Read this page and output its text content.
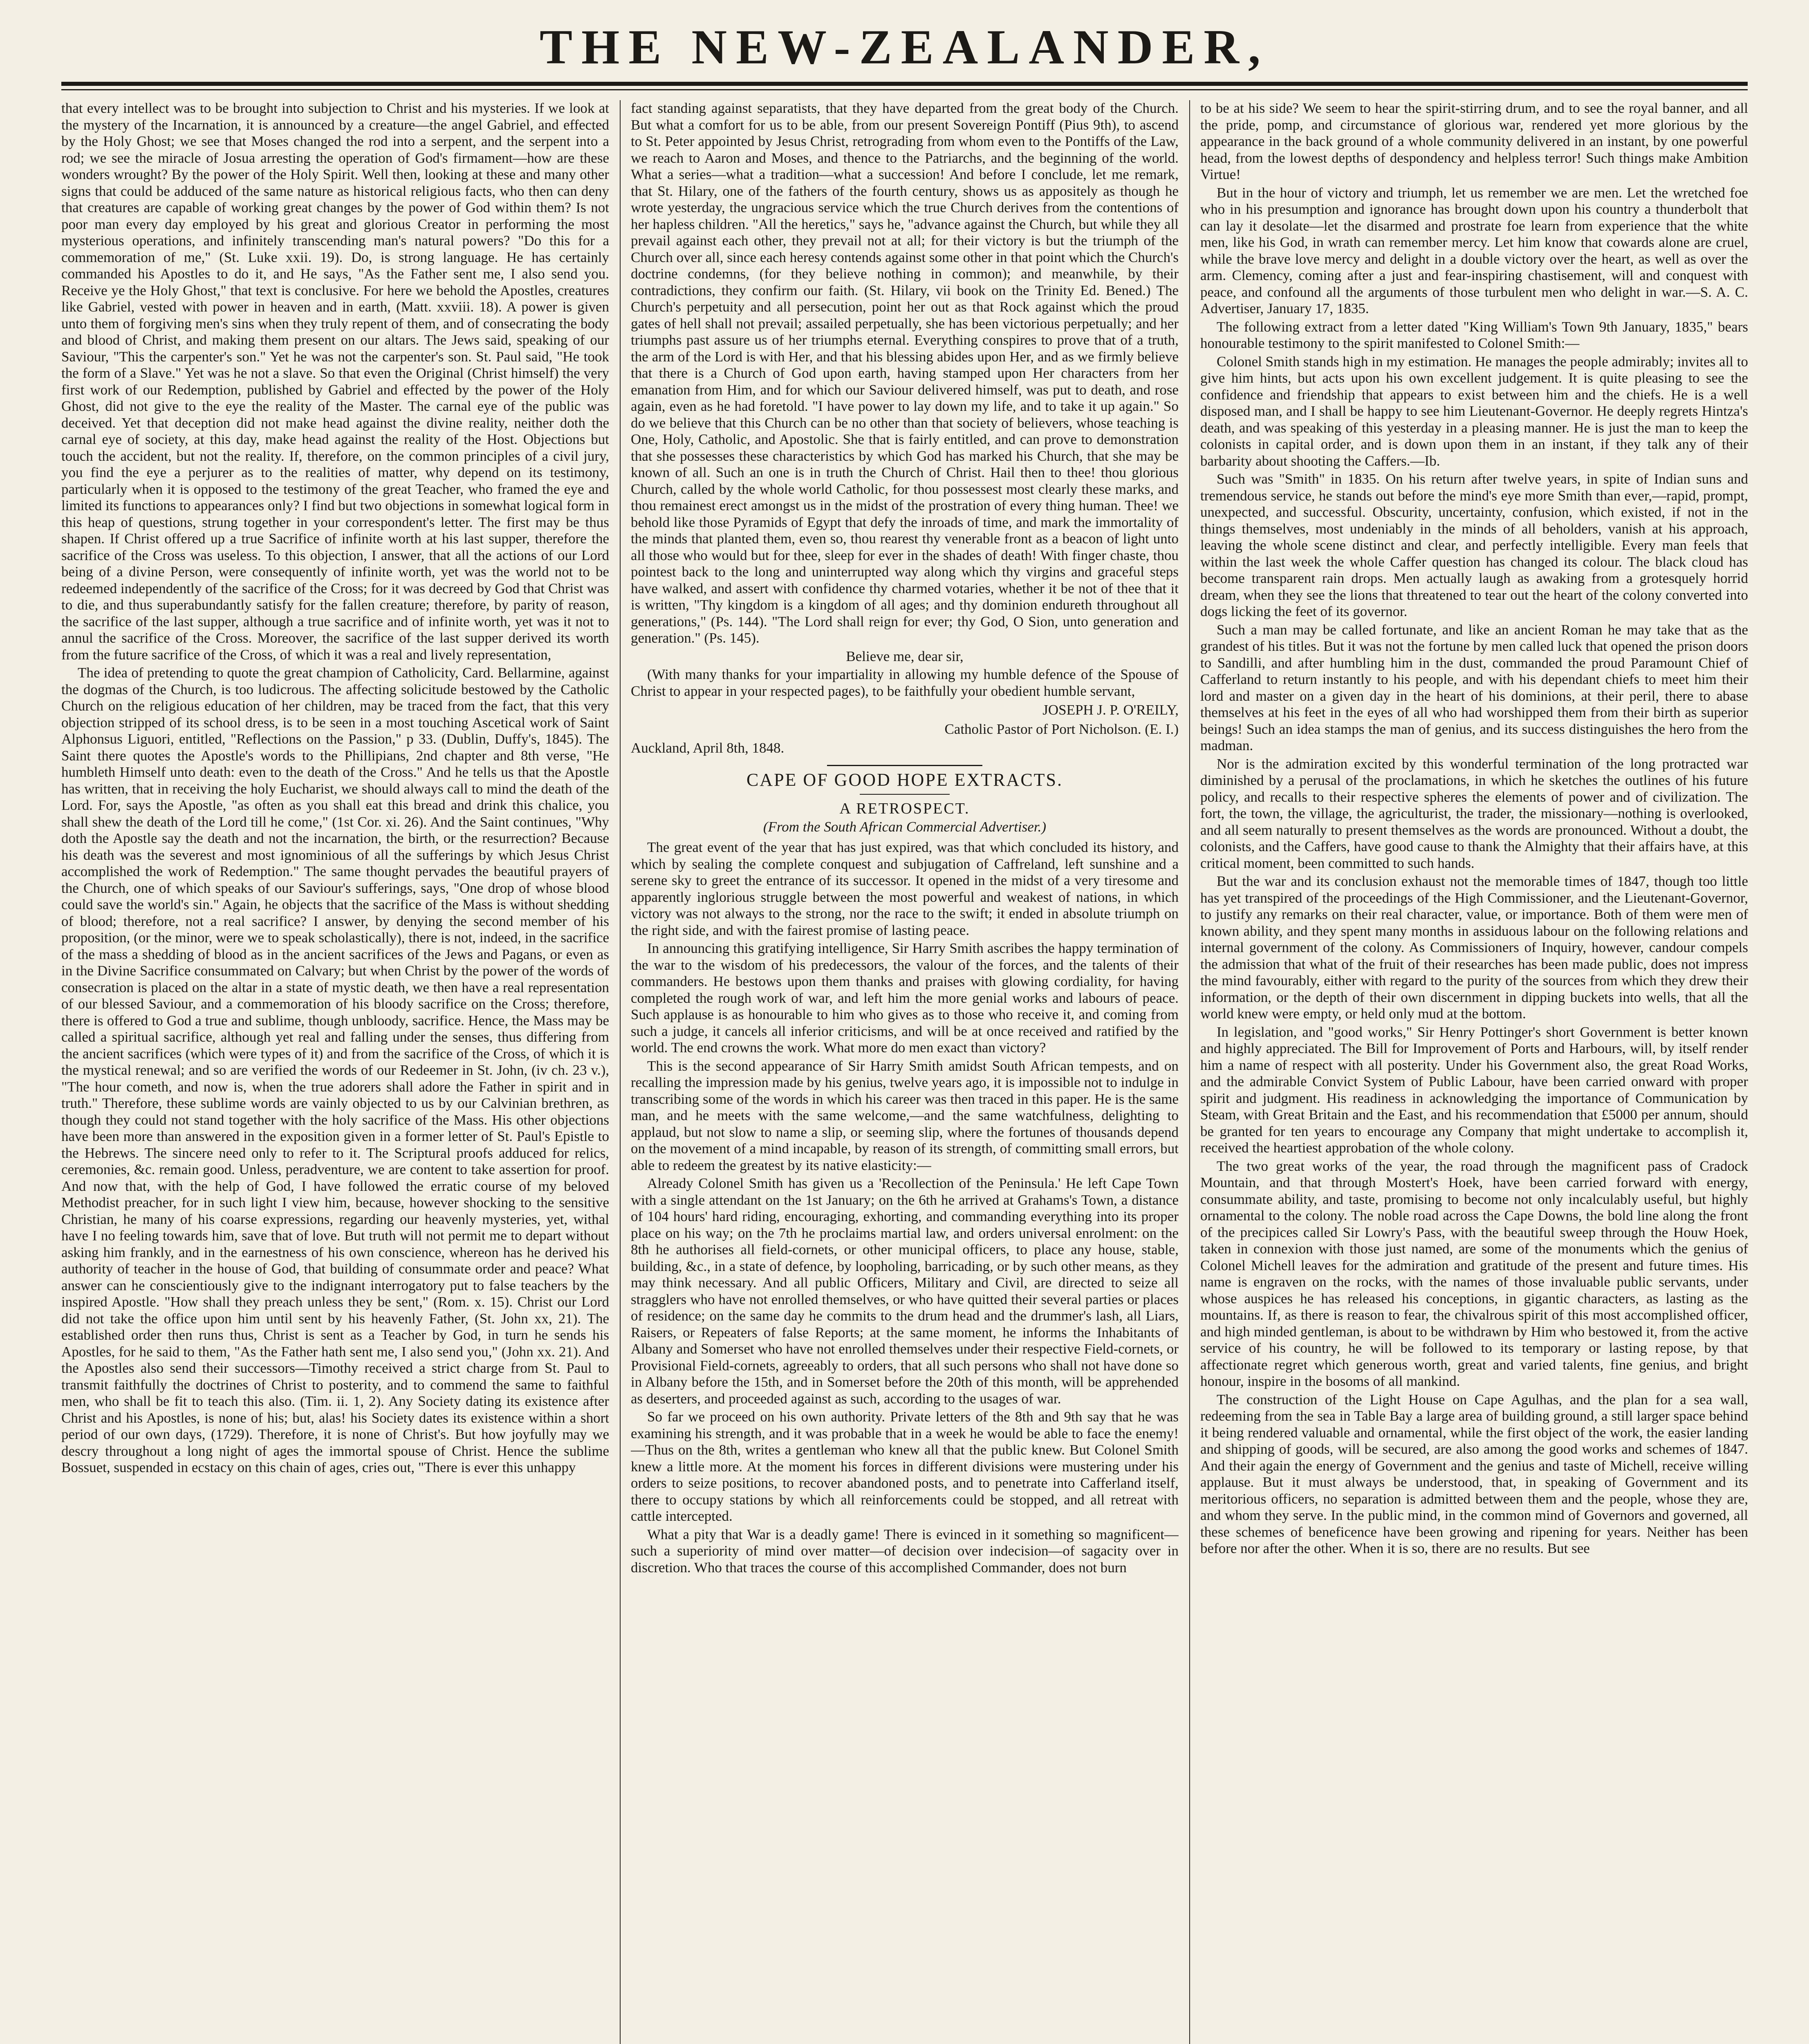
THE NEW-ZEALANDER,

that every intellect was to be brought into subjection to Christ and his mysteries. If we look at the mystery of the Incarnation, it is announced by a creature—the angel Gabriel, and effected by the Holy Ghost; we see that Moses changed the rod into a serpent, and the serpent into a rod; we see the miracle of Josua arresting the operation of God's firmament—how are these wonders wrought? By the power of the Holy Spirit. Well then, looking at these and many other signs that could be adduced of the same nature as historical religious facts, who then can deny that creatures are capable of working great changes by the power of God within them? Is not poor man every day employed by his great and glorious Creator in performing the most mysterious operations, and infinitely transcending man's natural powers? "Do this for a commemoration of me," (St. Luke xxii. 19). Do, is strong language. He has certainly commanded his Apostles to do it, and He says, "As the Father sent me, I also send you. Receive ye the Holy Ghost," that text is conclusive. For here we behold the Apostles, creatures like Gabriel, vested with power in heaven and in earth, (Matt. xxviii. 18). A power is given unto them of forgiving men's sins when they truly repent of them, and of consecrating the body and blood of Christ, and making them present on our altars. The Jews said, speaking of our Saviour, "This the carpenter's son." Yet he was not the carpenter's son. St. Paul said, "He took the form of a Slave." Yet was he not a slave. So that even the Original (Christ himself) the very first work of our Redemption, published by Gabriel and effected by the power of the Holy Ghost, did not give to the eye the reality of the Master. The carnal eye of the public was deceived. Yet that deception did not make head against the divine reality, neither doth the carnal eye of society, at this day, make head against the reality of the Host. Objections but touch the accident, but not the reality. If, therefore, on the common principles of a civil jury, you find the eye a perjurer as to the realities of matter, why depend on its testimony, particularly when it is opposed to the testimony of the great Teacher, who framed the eye and limited its functions to appearances only? I find but two objections in somewhat logical form in this heap of questions, strung together in your correspondent's letter. The first may be thus shapen. If Christ offered up a true Sacrifice of infinite worth at his last supper, therefore the sacrifice of the Cross was useless. To this objection, I answer, that all the actions of our Lord being of a divine Person, were consequently of infinite worth, yet was the world not to be redeemed independently of the sacrifice of the Cross; for it was decreed by God that Christ was to die, and thus superabundantly satisfy for the fallen creature; therefore, by parity of reason, the sacrifice of the last supper, although a true sacrifice and of infinite worth, yet was it not to annul the sacrifice of the Cross. Moreover, the sacrifice of the last supper derived its worth from the future sacrifice of the Cross, of which it was a real and lively representation,

The idea of pretending to quote the great champion of Catholicity, Card. Bellarmine, against the dogmas of the Church, is too ludicrous. The affecting solicitude bestowed by the Catholic Church on the religious education of her children, may be traced from the fact, that this very objection stripped of its school dress, is to be seen in a most touching Ascetical work of Saint Alphonsus Liguori, entitled, "Reflections on the Passion," p 33. (Dublin, Duffy's, 1845). The Saint there quotes the Apostle's words to the Phillipians, 2nd chapter and 8th verse, "He humbleth Himself unto death: even to the death of the Cross." And he tells us that the Apostle has written, that in receiving the holy Eucharist, we should always call to mind the death of the Lord. For, says the Apostle, "as often as you shall eat this bread and drink this chalice, you shall shew the death of the Lord till he come," (1st Cor. xi. 26). And the Saint continues, "Why doth the Apostle say the death and not the incarnation, the birth, or the resurrection? Because his death was the severest and most ignominious of all the sufferings by which Jesus Christ accomplished the work of Redemption." The same thought pervades the beautiful prayers of the Church, one of which speaks of our Saviour's sufferings, says, "One drop of whose blood could save the world's sin." Again, he objects that the sacrifice of the Mass is without shedding of blood; therefore, not a real sacrifice? I answer, by denying the second member of his proposition, (or the minor, were we to speak scholastically), there is not, indeed, in the sacrifice of the mass a shedding of blood as in the ancient sacrifices of the Jews and Pagans, or even as in the Divine Sacrifice consummated on Calvary; but when Christ by the power of the words of consecration is placed on the altar in a state of mystic death, we then have a real representation of our blessed Saviour, and a commemoration of his bloody sacrifice on the Cross; therefore, there is offered to God a true and sublime, though unbloody, sacrifice. Hence, the Mass may be called a spiritual sacrifice, although yet real and falling under the senses, thus differing from the ancient sacrifices (which were types of it) and from the sacrifice of the Cross, of which it is the mystical renewal; and so are verified the words of our Redeemer in St. John, (iv ch. 23 v.), "The hour cometh, and now is, when the true adorers shall adore the Father in spirit and in truth." Therefore, these sublime words are vainly objected to us by our Calvinian brethren, as though they could not stand together with the holy sacrifice of the Mass. His other objections have been more than answered in the exposition given in a former letter of St. Paul's Epistle to the Hebrews. The sincere need only to refer to it. The Scriptural proofs adduced for relics, ceremonies, &c. remain good. Unless, peradventure, we are content to take assertion for proof. And now that, with the help of God, I have followed the erratic course of my beloved Methodist preacher, for in such light I view him, because, however shocking to the sensitive Christian, he many of his coarse expressions, regarding our heavenly mysteries, yet, withal have I no feeling towards him, save that of love. But truth will not permit me to depart without asking him frankly, and in the earnestness of his own conscience, whereon has he derived his authority of teacher in the house of God, that building of consummate order and peace? What answer can he conscientiously give to the indignant interrogatory put to false teachers by the inspired Apostle. "How shall they preach unless they be sent," (Rom. x. 15). Christ our Lord did not take the office upon him until sent by his heavenly Father, (St. John xx, 21). The established order then runs thus, Christ is sent as a Teacher by God, in turn he sends his Apostles, for he said to them, "As the Father hath sent me, I also send you," (John xx. 21). And the Apostles also send their successors—Timothy received a strict charge from St. Paul to transmit faithfully the doctrines of Christ to posterity, and to commend the same to faithful men, who shall be fit to teach this also. (Tim. ii. 1, 2). Any Society dating its existence after Christ and his Apostles, is none of his; but, alas! his Society dates its existence within a short period of our own days, (1729). Therefore, it is none of Christ's. But how joyfully may we descry throughout a long night of ages the immortal spouse of Christ. Hence the sublime Bossuet, suspended in ecstacy on this chain of ages, cries out, "There is ever this unhappy

fact standing against separatists, that they have departed from the great body of the Church. But what a comfort for us to be able, from our present Sovereign Pontiff (Pius 9th), to ascend to St. Peter appointed by Jesus Christ, retrograding from whom even to the Pontiffs of the Law, we reach to Aaron and Moses, and thence to the Patriarchs, and the beginning of the world. What a series—what a tradition—what a succession! And before I conclude, let me remark, that St. Hilary, one of the fathers of the fourth century, shows us as appositely as though he wrote yesterday, the ungracious service which the true Church derives from the contentions of her hapless children. "All the heretics," says he, "advance against the Church, but while they all prevail against each other, they prevail not at all; for their victory is but the triumph of the Church over all, since each heresy contends against some other in that point which the Church's doctrine condemns, (for they believe nothing in common); and meanwhile, by their contradictions, they confirm our faith. (St. Hilary, vii book on the Trinity Ed. Bened.) The Church's perpetuity and all persecution, point her out as that Rock against which the proud gates of hell shall not prevail; assailed perpetually, she has been victorious perpetually; and her triumphs past assure us of her triumphs eternal. Everything conspires to prove that of a truth, the arm of the Lord is with Her, and that his blessing abides upon Her, and as we firmly believe that there is a Church of God upon earth, having stamped upon Her characters from her emanation from Him, and for which our Saviour delivered himself, was put to death, and rose again, even as he had foretold. "I have power to lay down my life, and to take it up again." So do we believe that this Church can be no other than that society of believers, whose teaching is One, Holy, Catholic, and Apostolic. She that is fairly entitled, and can prove to demonstration that she possesses these characteristics by which God has marked his Church, that she may be known of all. Such an one is in truth the Church of Christ. Hail then to thee! thou glorious Church, called by the whole world Catholic, for thou possessest most clearly these marks, and thou remainest erect amongst us in the midst of the prostration of every thing human. Thee! we behold like those Pyramids of Egypt that defy the inroads of time, and mark the immortality of the minds that planted them, even so, thou rearest thy venerable front as a beacon of light unto all those who would but for thee, sleep for ever in the shades of death! With finger chaste, thou pointest back to the long and uninterrupted way along which thy virgins and graceful steps have walked, and assert with confidence thy charmed votaries, whether it be not of thee that it is written, "Thy kingdom is a kingdom of all ages; and thy dominion endureth throughout all generations," (Ps. 144). "The Lord shall reign for ever; thy God, O Sion, unto generation and generation." (Ps. 145).

Believe me, dear sir,

(With many thanks for your impartiality in allowing my humble defence of the Spouse of Christ to appear in your respected pages), to be faithfully your obedient humble servant,

JOSEPH J. P. O'REILY,

Catholic Pastor of Port Nicholson. (E. I.)

Auckland, April 8th, 1848.

CAPE OF GOOD HOPE EXTRACTS.

A RETROSPECT.

(From the South African Commercial Advertiser.)

The great event of the year that has just expired, was that which concluded its history, and which by sealing the complete conquest and subjugation of Caffreland, left sunshine and a serene sky to greet the entrance of its successor. It opened in the midst of a very tiresome and apparently inglorious struggle between the most powerful and weakest of nations, in which victory was not always to the strong, nor the race to the swift; it ended in absolute triumph on the right side, and with the fairest promise of lasting peace.

In announcing this gratifying intelligence, Sir Harry Smith ascribes the happy termination of the war to the wisdom of his predecessors, the valour of the forces, and the talents of their commanders. He bestows upon them thanks and praises with glowing cordiality, for having completed the rough work of war, and left him the more genial works and labours of peace. Such applause is as honourable to him who gives as to those who receive it, and coming from such a judge, it cancels all inferior criticisms, and will be at once received and ratified by the world. The end crowns the work. What more do men exact than victory?

This is the second appearance of Sir Harry Smith amidst South African tempests, and on recalling the impression made by his genius, twelve years ago, it is impossible not to indulge in transcribing some of the words in which his career was then traced in this paper. He is the same man, and he meets with the same welcome,—and the same watchfulness, delighting to applaud, but not slow to name a slip, or seeming slip, where the fortunes of thousands depend on the movement of a mind incapable, by reason of its strength, of committing small errors, but able to redeem the greatest by its native elasticity:—

Already Colonel Smith has given us a 'Recollection of the Peninsula.' He left Cape Town with a single attendant on the 1st January; on the 6th he arrived at Grahams's Town, a distance of 104 hours' hard riding, encouraging, exhorting, and commanding everything into its proper place on his way; on the 7th he proclaims martial law, and orders universal enrolment: on the 8th he authorises all field-cornets, or other municipal officers, to place any house, stable, building, &c., in a state of defence, by loopholing, barricading, or by such other means, as they may think necessary. And all public Officers, Military and Civil, are directed to seize all stragglers who have not enrolled themselves, or who have quitted their several parties or places of residence; on the same day he commits to the drum head and the drummer's lash, all Liars, Raisers, or Repeaters of false Reports; at the same moment, he informs the Inhabitants of Albany and Somerset who have not enrolled themselves under their respective Field-cornets, or Provisional Field-cornets, agreeably to orders, that all such persons who shall not have done so in Albany before the 15th, and in Somerset before the 20th of this month, will be apprehended as deserters, and proceeded against as such, according to the usages of war.

So far we proceed on his own authority. Private letters of the 8th and 9th say that he was examining his strength, and it was probable that in a week he would be able to face the enemy!—Thus on the 8th, writes a gentleman who knew all that the public knew. But Colonel Smith knew a little more. At the moment his forces in different divisions were mustering under his orders to seize positions, to recover abandoned posts, and to penetrate into Cafferland itself, there to occupy stations by which all reinforcements could be stopped, and all retreat with cattle intercepted.

What a pity that War is a deadly game! There is evinced in it something so magnificent—such a superiority of mind over matter—of decision over indecision—of sagacity over in discretion. Who that traces the course of this accomplished Commander, does not burn

to be at his side? We seem to hear the spirit-stirring drum, and to see the royal banner, and all the pride, pomp, and circumstance of glorious war, rendered yet more glorious by the appearance in the back ground of a whole community delivered in an instant, by one powerful head, from the lowest depths of despondency and helpless terror! Such things make Ambition Virtue!

But in the hour of victory and triumph, let us remember we are men. Let the wretched foe who in his presumption and ignorance has brought down upon his country a thunderbolt that can lay it desolate—let the disarmed and prostrate foe learn from experience that the white men, like his God, in wrath can remember mercy. Let him know that cowards alone are cruel, while the brave love mercy and delight in a double victory over the heart, as well as over the arm. Clemency, coming after a just and fear-inspiring chastisement, will and conquest with peace, and confound all the arguments of those turbulent men who delight in war.—S. A. C. Advertiser, January 17, 1835.

The following extract from a letter dated "King William's Town 9th January, 1835," bears honourable testimony to the spirit manifested to Colonel Smith:—

Colonel Smith stands high in my estimation. He manages the people admirably; invites all to give him hints, but acts upon his own excellent judgement. It is quite pleasing to see the confidence and friendship that appears to exist between him and the chiefs. He is a well disposed man, and I shall be happy to see him Lieutenant-Governor. He deeply regrets Hintza's death, and was speaking of this yesterday in a pleasing manner. He is just the man to keep the colonists in capital order, and is down upon them in an instant, if they talk any of their barbarity about shooting the Caffers.—Ib.

Such was "Smith" in 1835. On his return after twelve years, in spite of Indian suns and tremendous service, he stands out before the mind's eye more Smith than ever,—rapid, prompt, unexpected, and successful. Obscurity, uncertainty, confusion, which existed, if not in the things themselves, most undeniably in the minds of all beholders, vanish at his approach, leaving the whole scene distinct and clear, and perfectly intelligible. Every man feels that within the last week the whole Caffer question has changed its colour. The black cloud has become transparent rain drops. Men actually laugh as awaking from a grotesquely horrid dream, when they see the lions that threatened to tear out the heart of the colony converted into dogs licking the feet of its governor.

Such a man may be called fortunate, and like an ancient Roman he may take that as the grandest of his titles. But it was not the fortune by men called luck that opened the prison doors to Sandilli, and after humbling him in the dust, commanded the proud Paramount Chief of Cafferland to return instantly to his people, and with his dependant chiefs to meet him their lord and master on a given day in the heart of his dominions, at their peril, there to abase themselves at his feet in the eyes of all who had worshipped them from their birth as superior beings! Such an idea stamps the man of genius, and its success distinguishes the hero from the madman.

Nor is the admiration excited by this wonderful termination of the long protracted war diminished by a perusal of the proclamations, in which he sketches the outlines of his future policy, and recalls to their respective spheres the elements of power and of civilization. The fort, the town, the village, the agriculturist, the trader, the missionary—nothing is overlooked, and all seem naturally to present themselves as the words are pronounced. Without a doubt, the colonists, and the Caffers, have good cause to thank the Almighty that their affairs have, at this critical moment, been committed to such hands.

But the war and its conclusion exhaust not the memorable times of 1847, though too little has yet transpired of the proceedings of the High Commissioner, and the Lieutenant-Governor, to justify any remarks on their real character, value, or importance. Both of them were men of known ability, and they spent many months in assiduous labour on the following relations and internal government of the colony. As Commissioners of Inquiry, however, candour compels the admission that what of the fruit of their researches has been made public, does not impress the mind favourably, either with regard to the purity of the sources from which they drew their information, or the depth of their own discernment in dipping buckets into wells, that all the world knew were empty, or held only mud at the bottom.

In legislation, and "good works," Sir Henry Pottinger's short Government is better known and highly appreciated. The Bill for Improvement of Ports and Harbours, will, by itself render him a name of respect with all posterity. Under his Government also, the great Road Works, and the admirable Convict System of Public Labour, have been carried onward with proper spirit and judgment. His readiness in acknowledging the importance of Communication by Steam, with Great Britain and the East, and his recommendation that £5000 per annum, should be granted for ten years to encourage any Company that might undertake to accomplish it, received the heartiest approbation of the whole colony.

The two great works of the year, the road through the magnificent pass of Cradock Mountain, and that through Mostert's Hoek, have been carried forward with energy, consummate ability, and taste, promising to become not only incalculably useful, but highly ornamental to the colony. The noble road across the Cape Downs, the bold line along the front of the precipices called Sir Lowry's Pass, with the beautiful sweep through the Houw Hoek, taken in connexion with those just named, are some of the monuments which the genius of Colonel Michell leaves for the admiration and gratitude of the present and future times. His name is engraven on the rocks, with the names of those invaluable public servants, under whose auspices he has released his conceptions, in gigantic characters, as lasting as the mountains. If, as there is reason to fear, the chivalrous spirit of this most accomplished officer, and high minded gentleman, is about to be withdrawn by Him who bestowed it, from the active service of his country, he will be followed to its temporary or lasting repose, by that affectionate regret which generous worth, great and varied talents, fine genius, and bright honour, inspire in the bosoms of all mankind.

The construction of the Light House on Cape Agulhas, and the plan for a sea wall, redeeming from the sea in Table Bay a large area of building ground, a still larger space behind it being rendered valuable and ornamental, while the first object of the work, the easier landing and shipping of goods, will be secured, are also among the good works and schemes of 1847. And their again the energy of Government and the genius and taste of Michell, receive willing applause. But it must always be understood, that, in speaking of Government and its meritorious officers, no separation is admitted between them and the people, whose they are, and whom they serve. In the public mind, in the common mind of Governors and governed, all these schemes of beneficence have been growing and ripening for years. Neither has been before nor after the other. When it is so, there are no results. But see
